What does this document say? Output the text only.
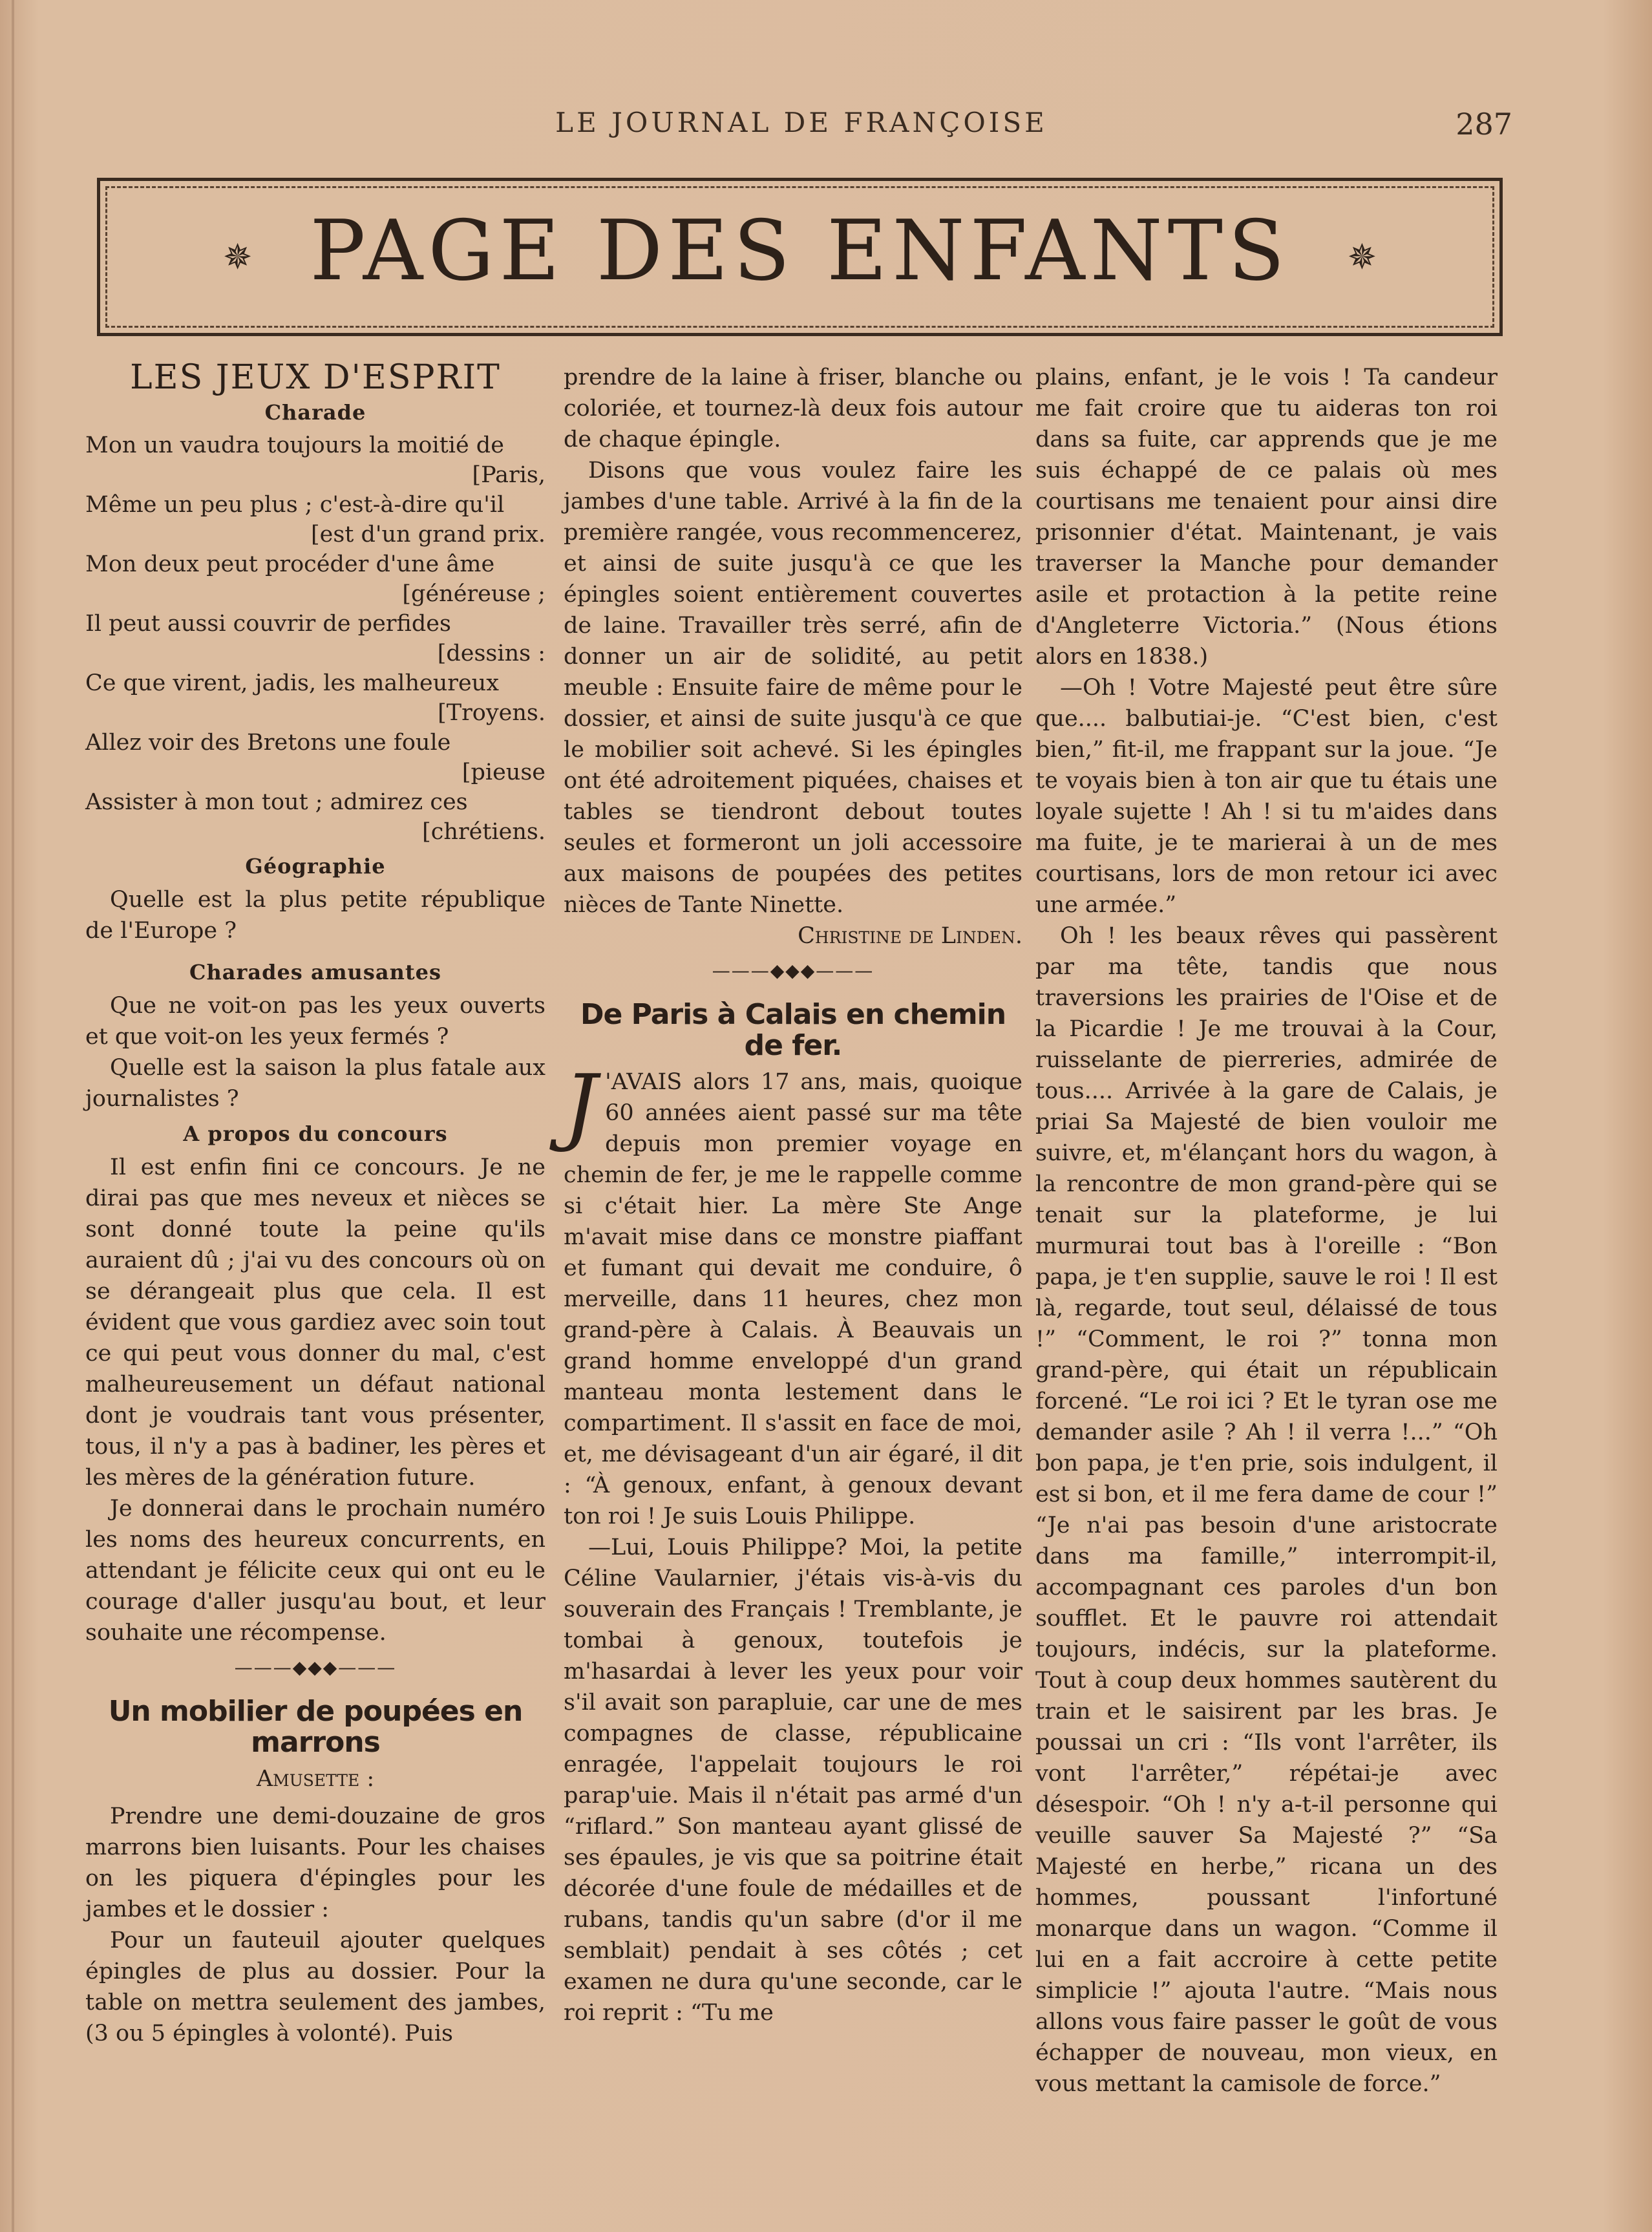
LE JOURNAL DE FRANÇOISE	287
✵ PAGE DES ENFANTS	✵
LES JEUX D'ESPRIT
Charade
Mon un vaudra toujours la moitié de
[Paris,
Même un peu plus ; c'est-à-dire qu'il
[est d'un grand prix.
Mon deux peut procéder d'une âme
[généreuse ;
Il peut aussi couvrir de perfides
[dessins :
Ce que virent, jadis, les malheureux
[Troyens.
Allez voir des Bretons une foule
[pieuse
Assister à mon tout ; admirez ces
[chrétiens.
Géographie

Quelle est la plus petite république de l'Europe ?

Charades amusantes

Que ne voit-on pas les yeux ouverts et que voit-on les yeux fermés ?

Quelle est la saison la plus fatale aux journalistes ?

A propos du concours

Il est enfin fini ce concours. Je ne dirai pas que mes neveux et nièces se sont donné toute la peine qu'ils auraient dû ; j'ai vu des concours où on se dérangeait plus que cela. Il est évident que vous gardiez avec soin tout ce qui peut vous donner du mal, c'est malheureusement un défaut national dont je voudrais tant vous présenter, tous, il n'y a pas à badiner, les pères et les mères de la génération future.

Je donnerai dans le prochain numéro les noms des heureux concurrents, en attendant je félicite ceux qui ont eu le courage d'aller jusqu'au bout, et leur souhaite une récompense.

———◆◆◆———
Un mobilier de poupées en marrons
Amusette :

Prendre une demi-douzaine de gros marrons bien luisants. Pour les chaises on les piquera d'épingles pour les jambes et le dossier :

Pour un fauteuil ajouter quelques épingles de plus au dossier. Pour la table on mettra seulement des jambes, (3 ou 5 épingles à volonté). Puis

prendre de la laine à friser, blanche ou coloriée, et tournez-là deux fois autour de chaque épingle.

Disons que vous voulez faire les jambes d'une table. Arrivé à la fin de la première rangée, vous recommencerez, et ainsi de suite jusqu'à ce que les épingles soient entièrement couvertes de laine. Travailler très serré, afin de donner un air de solidité, au petit meuble : Ensuite faire de même pour le dossier, et ainsi de suite jusqu'à ce que le mobilier soit achevé. Si les épingles ont été adroitement piquées, chaises et tables se tiendront debout toutes seules et formeront un joli accessoire aux maisons de poupées des petites nièces de Tante Ninette.

Christine de Linden.

———◆◆◆———
De Paris à Calais en chemin de fer.

J 'AVAIS alors 17 ans, mais, quoique 60 années aient passé sur ma tête depuis mon premier voyage en chemin de fer, je me le rappelle comme si c'était hier. La mère Ste Ange m'avait mise dans ce monstre piaffant et fumant qui devait me conduire, ô merveille, dans 11 heures, chez mon grand-père à Calais. À Beauvais un grand homme enveloppé d'un grand manteau monta lestement dans le compartiment. Il s'assit en face de moi, et, me dévisageant d'un air égaré, il dit : “À genoux, enfant, à genoux devant ton roi ! Je suis Louis Philippe.

—Lui, Louis Philippe? Moi, la petite Céline Vaularnier, j'étais vis-à-vis du souverain des Français ! Tremblante, je tombai à genoux, toutefois je m'hasardai à lever les yeux pour voir s'il avait son parapluie, car une de mes compagnes de classe, républicaine enragée, l'appelait toujours le roi parap'uie. Mais il n'était pas armé d'un “riflard.” Son manteau ayant glissé de ses épaules, je vis que sa poitrine était décorée d'une foule de médailles et de rubans, tandis qu'un sabre (d'or il me semblait) pendait à ses côtés ; cet examen ne dura qu'une seconde, car le roi reprit : “Tu me

plains, enfant, je le vois ! Ta candeur me fait croire que tu aideras ton roi dans sa fuite, car apprends que je me suis échappé de ce palais où mes courtisans me tenaient pour ainsi dire prisonnier d'état. Maintenant, je vais traverser la Manche pour demander asile et protaction à la petite reine d'Angleterre Victoria.” (Nous étions alors en 1838.)

—Oh ! Votre Majesté peut être sûre que.... balbutiai-je. “C'est bien, c'est bien,” fit-il, me frappant sur la joue. “Je te voyais bien à ton air que tu étais une loyale sujette ! Ah ! si tu m'aides dans ma fuite, je te marierai à un de mes courtisans, lors de mon retour ici avec une armée.”

Oh ! les beaux rêves qui passèrent par ma tête, tandis que nous traversions les prairies de l'Oise et de la Picardie ! Je me trouvai à la Cour, ruisselante de pierreries, admirée de tous.... Arrivée à la gare de Calais, je priai Sa Majesté de bien vouloir me suivre, et, m'élançant hors du wagon, à la rencontre de mon grand-père qui se tenait sur la plateforme, je lui murmurai tout bas à l'oreille : “Bon papa, je t'en supplie, sauve le roi ! Il est là, regarde, tout seul, délaissé de tous !” “Comment, le roi ?” tonna mon grand-père, qui était un républicain forcené. “Le roi ici ? Et le tyran ose me demander asile ? Ah ! il verra !...” “Oh bon papa, je t'en prie, sois indulgent, il est si bon, et il me fera dame de cour !” “Je n'ai pas besoin d'une aristocrate dans ma famille,” interrompit-il, accompagnant ces paroles d'un bon soufflet. Et le pauvre roi attendait toujours, indécis, sur la plateforme. Tout à coup deux hommes sautèrent du train et le saisirent par les bras. Je poussai un cri : “Ils vont l'arrêter, ils vont l'arrêter,” répétai-je avec désespoir. “Oh ! n'y a-t-il personne qui veuille sauver Sa Majesté ?” “Sa Majesté en herbe,” ricana un des hommes, poussant l'infortuné monarque dans un wagon. “Comme il lui en a fait accroire à cette petite simplicie !” ajouta l'autre. “Mais nous allons vous faire passer le goût de vous échapper de nouveau, mon vieux, en vous mettant la camisole de force.”
